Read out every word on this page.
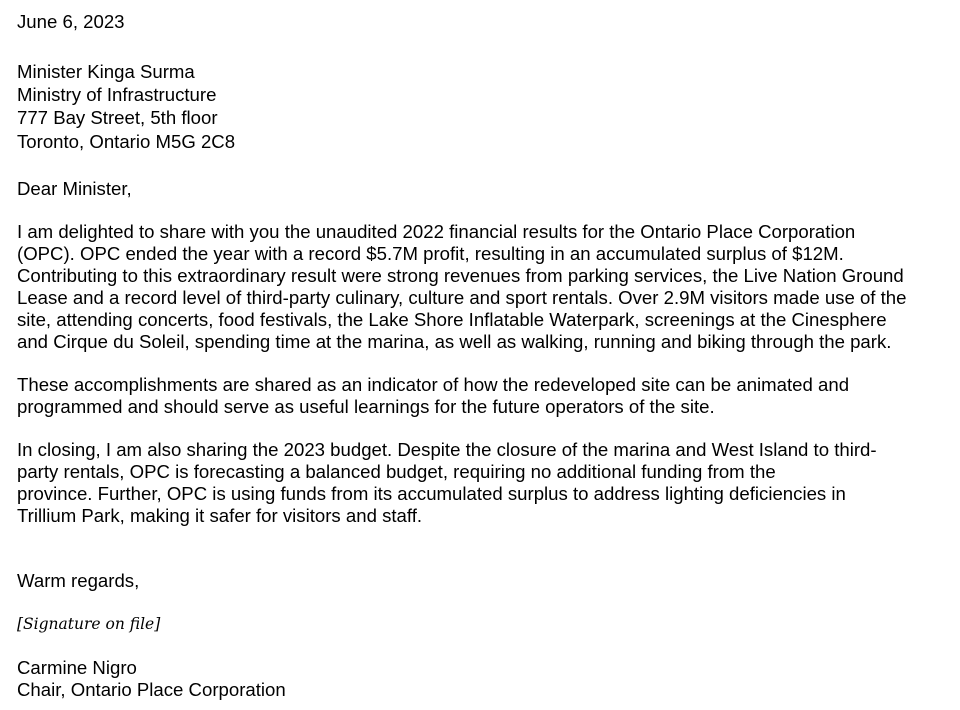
June 6, 2023
Minister Kinga Surma
Ministry of Infrastructure
777 Bay Street, 5th floor
Toronto, Ontario M5G 2C8
Dear Minister,
I am delighted to share with you the unaudited 2022 financial results for the Ontario Place Corporation
(OPC). OPC ended the year with a record $5.7M profit, resulting in an accumulated surplus of $12M.
Contributing to this extraordinary result were strong revenues from parking services, the Live Nation Ground
Lease and a record level of third-party culinary, culture and sport rentals. Over 2.9M visitors made use of the
site, attending concerts, food festivals, the Lake Shore Inflatable Waterpark, screenings at the Cinesphere
and Cirque du Soleil, spending time at the marina, as well as walking, running and biking through the park.
These accomplishments are shared as an indicator of how the redeveloped site can be animated and
programmed and should serve as useful learnings for the future operators of the site.
In closing, I am also sharing the 2023 budget. Despite the closure of the marina and West Island to third-
party rentals, OPC is forecasting a balanced budget, requiring no additional funding from the
province. Further, OPC is using funds from its accumulated surplus to address lighting deficiencies in
Trillium Park, making it safer for visitors and staff.
Warm regards,
[Signature on file]
Carmine Nigro
Chair, Ontario Place Corporation
